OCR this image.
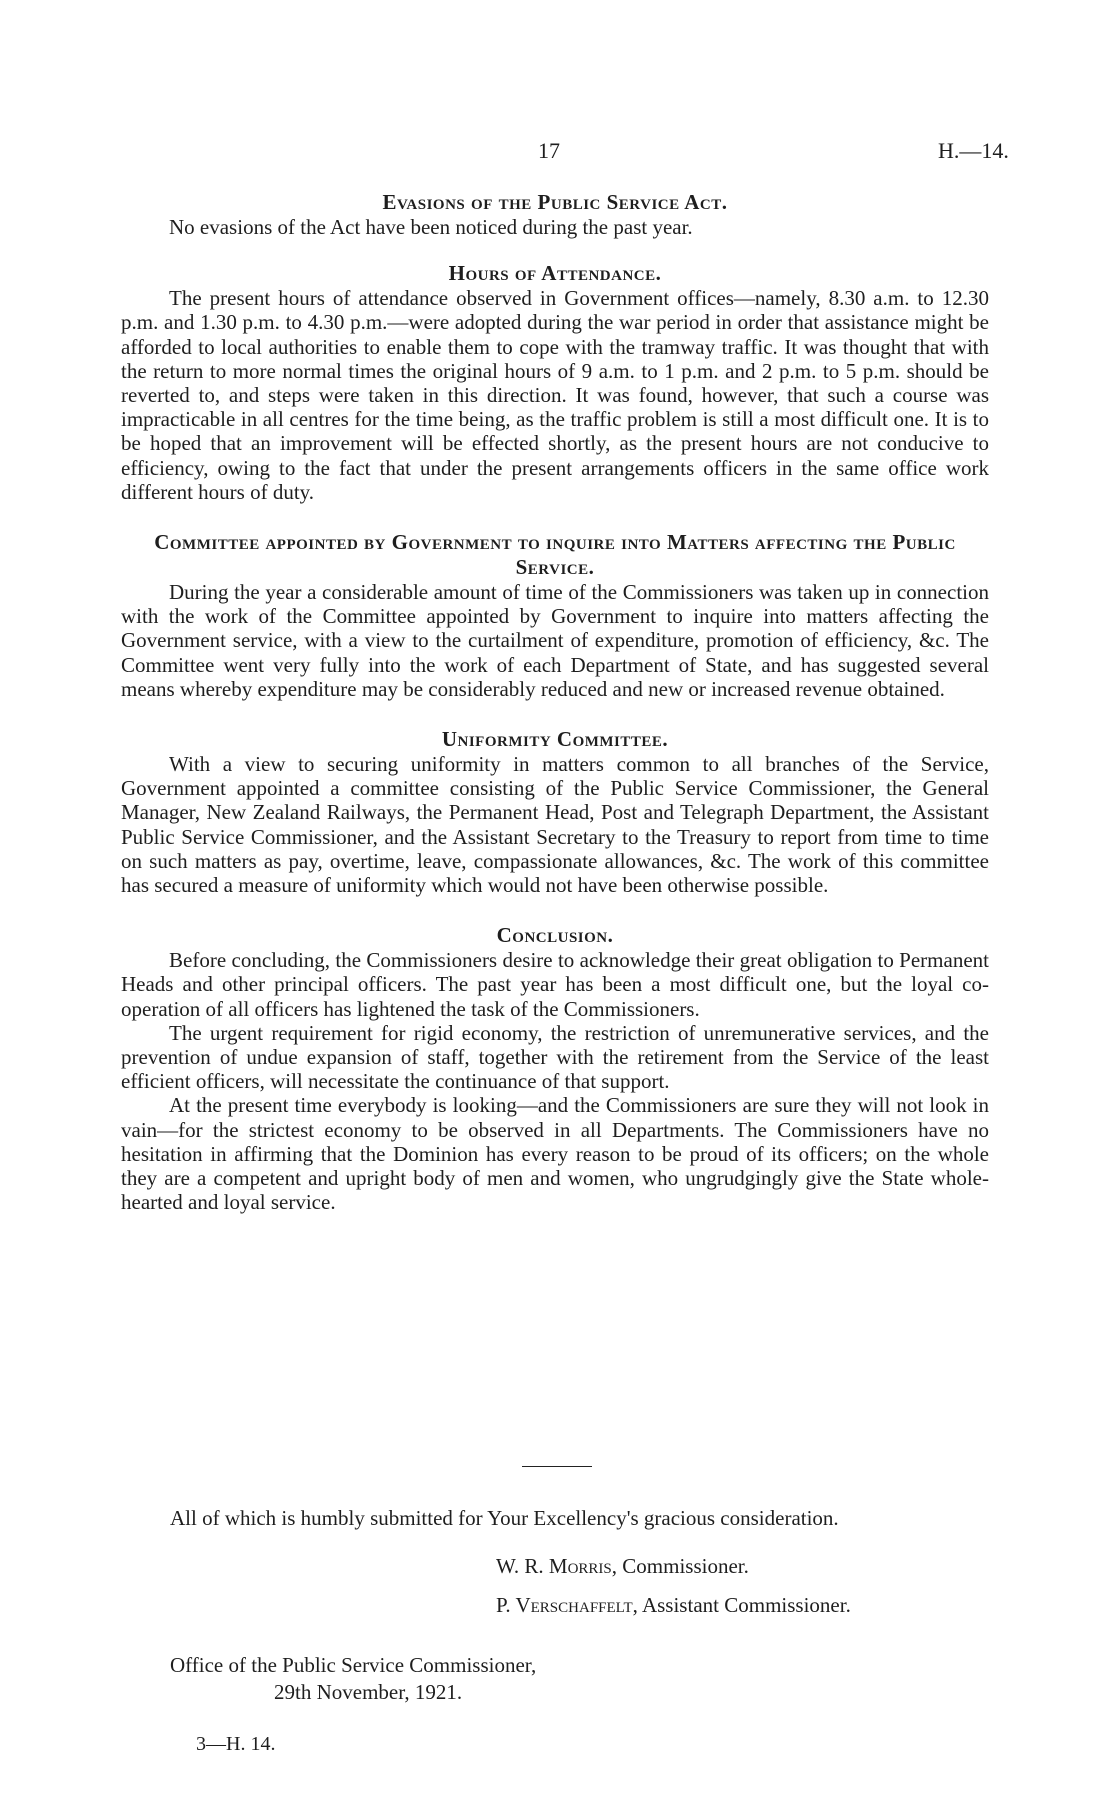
17	H.—14.
Evasions of the Public Service Act.

No evasions of the Act have been noticed during the past year.

Hours of Attendance.

The present hours of attendance observed in Government offices—namely, 8.30 a.m. to 12.30 p.m. and 1.30 p.m. to 4.30 p.m.—were adopted during the war period in order that assistance might be afforded to local authorities to enable them to cope with the tramway traffic. It was thought that with the return to more normal times the original hours of 9 a.m. to 1 p.m. and 2 p.m. to 5 p.m. should be reverted to, and steps were taken in this direction. It was found, however, that such a course was impracticable in all centres for the time being, as the traffic problem is still a most difficult one. It is to be hoped that an improvement will be effected shortly, as the present hours are not conducive to efficiency, owing to the fact that under the present arrangements officers in the same office work different hours of duty.

Committee appointed by Government to inquire into Matters affecting the Public Service.

During the year a considerable amount of time of the Commissioners was taken up in connection with the work of the Committee appointed by Government to inquire into matters affecting the Government service, with a view to the curtailment of expenditure, promotion of efficiency, &c. The Committee went very fully into the work of each Department of State, and has suggested several means whereby expenditure may be considerably reduced and new or increased revenue obtained.

Uniformity Committee.

With a view to securing uniformity in matters common to all branches of the Service, Government appointed a committee consisting of the Public Service Commissioner, the General Manager, New Zealand Railways, the Permanent Head, Post and Telegraph Department, the Assistant Public Service Commissioner, and the Assistant Secretary to the Treasury to report from time to time on such matters as pay, overtime, leave, compassionate allowances, &c. The work of this committee has secured a measure of uniformity which would not have been otherwise possible.

Conclusion.

Before concluding, the Commissioners desire to acknowledge their great obligation to Permanent Heads and other principal officers. The past year has been a most difficult one, but the loyal co-operation of all officers has lightened the task of the Commissioners.

The urgent requirement for rigid economy, the restriction of unremunerative services, and the prevention of undue expansion of staff, together with the retirement from the Service of the least efficient officers, will necessitate the continuance of that support.

At the present time everybody is looking—and the Commissioners are sure they will not look in vain—for the strictest economy to be observed in all Departments. The Commissioners have no hesitation in affirming that the Dominion has every reason to be proud of its officers; on the whole they are a competent and upright body of men and women, who ungrudgingly give the State whole-hearted and loyal service.

All of which is humbly submitted for Your Excellency's gracious consideration.
W. R. Morris, Commissioner.
P. Verschaffelt, Assistant Commissioner.
Office of the Public Service Commissioner,
29th November, 1921.
3—H. 14.
